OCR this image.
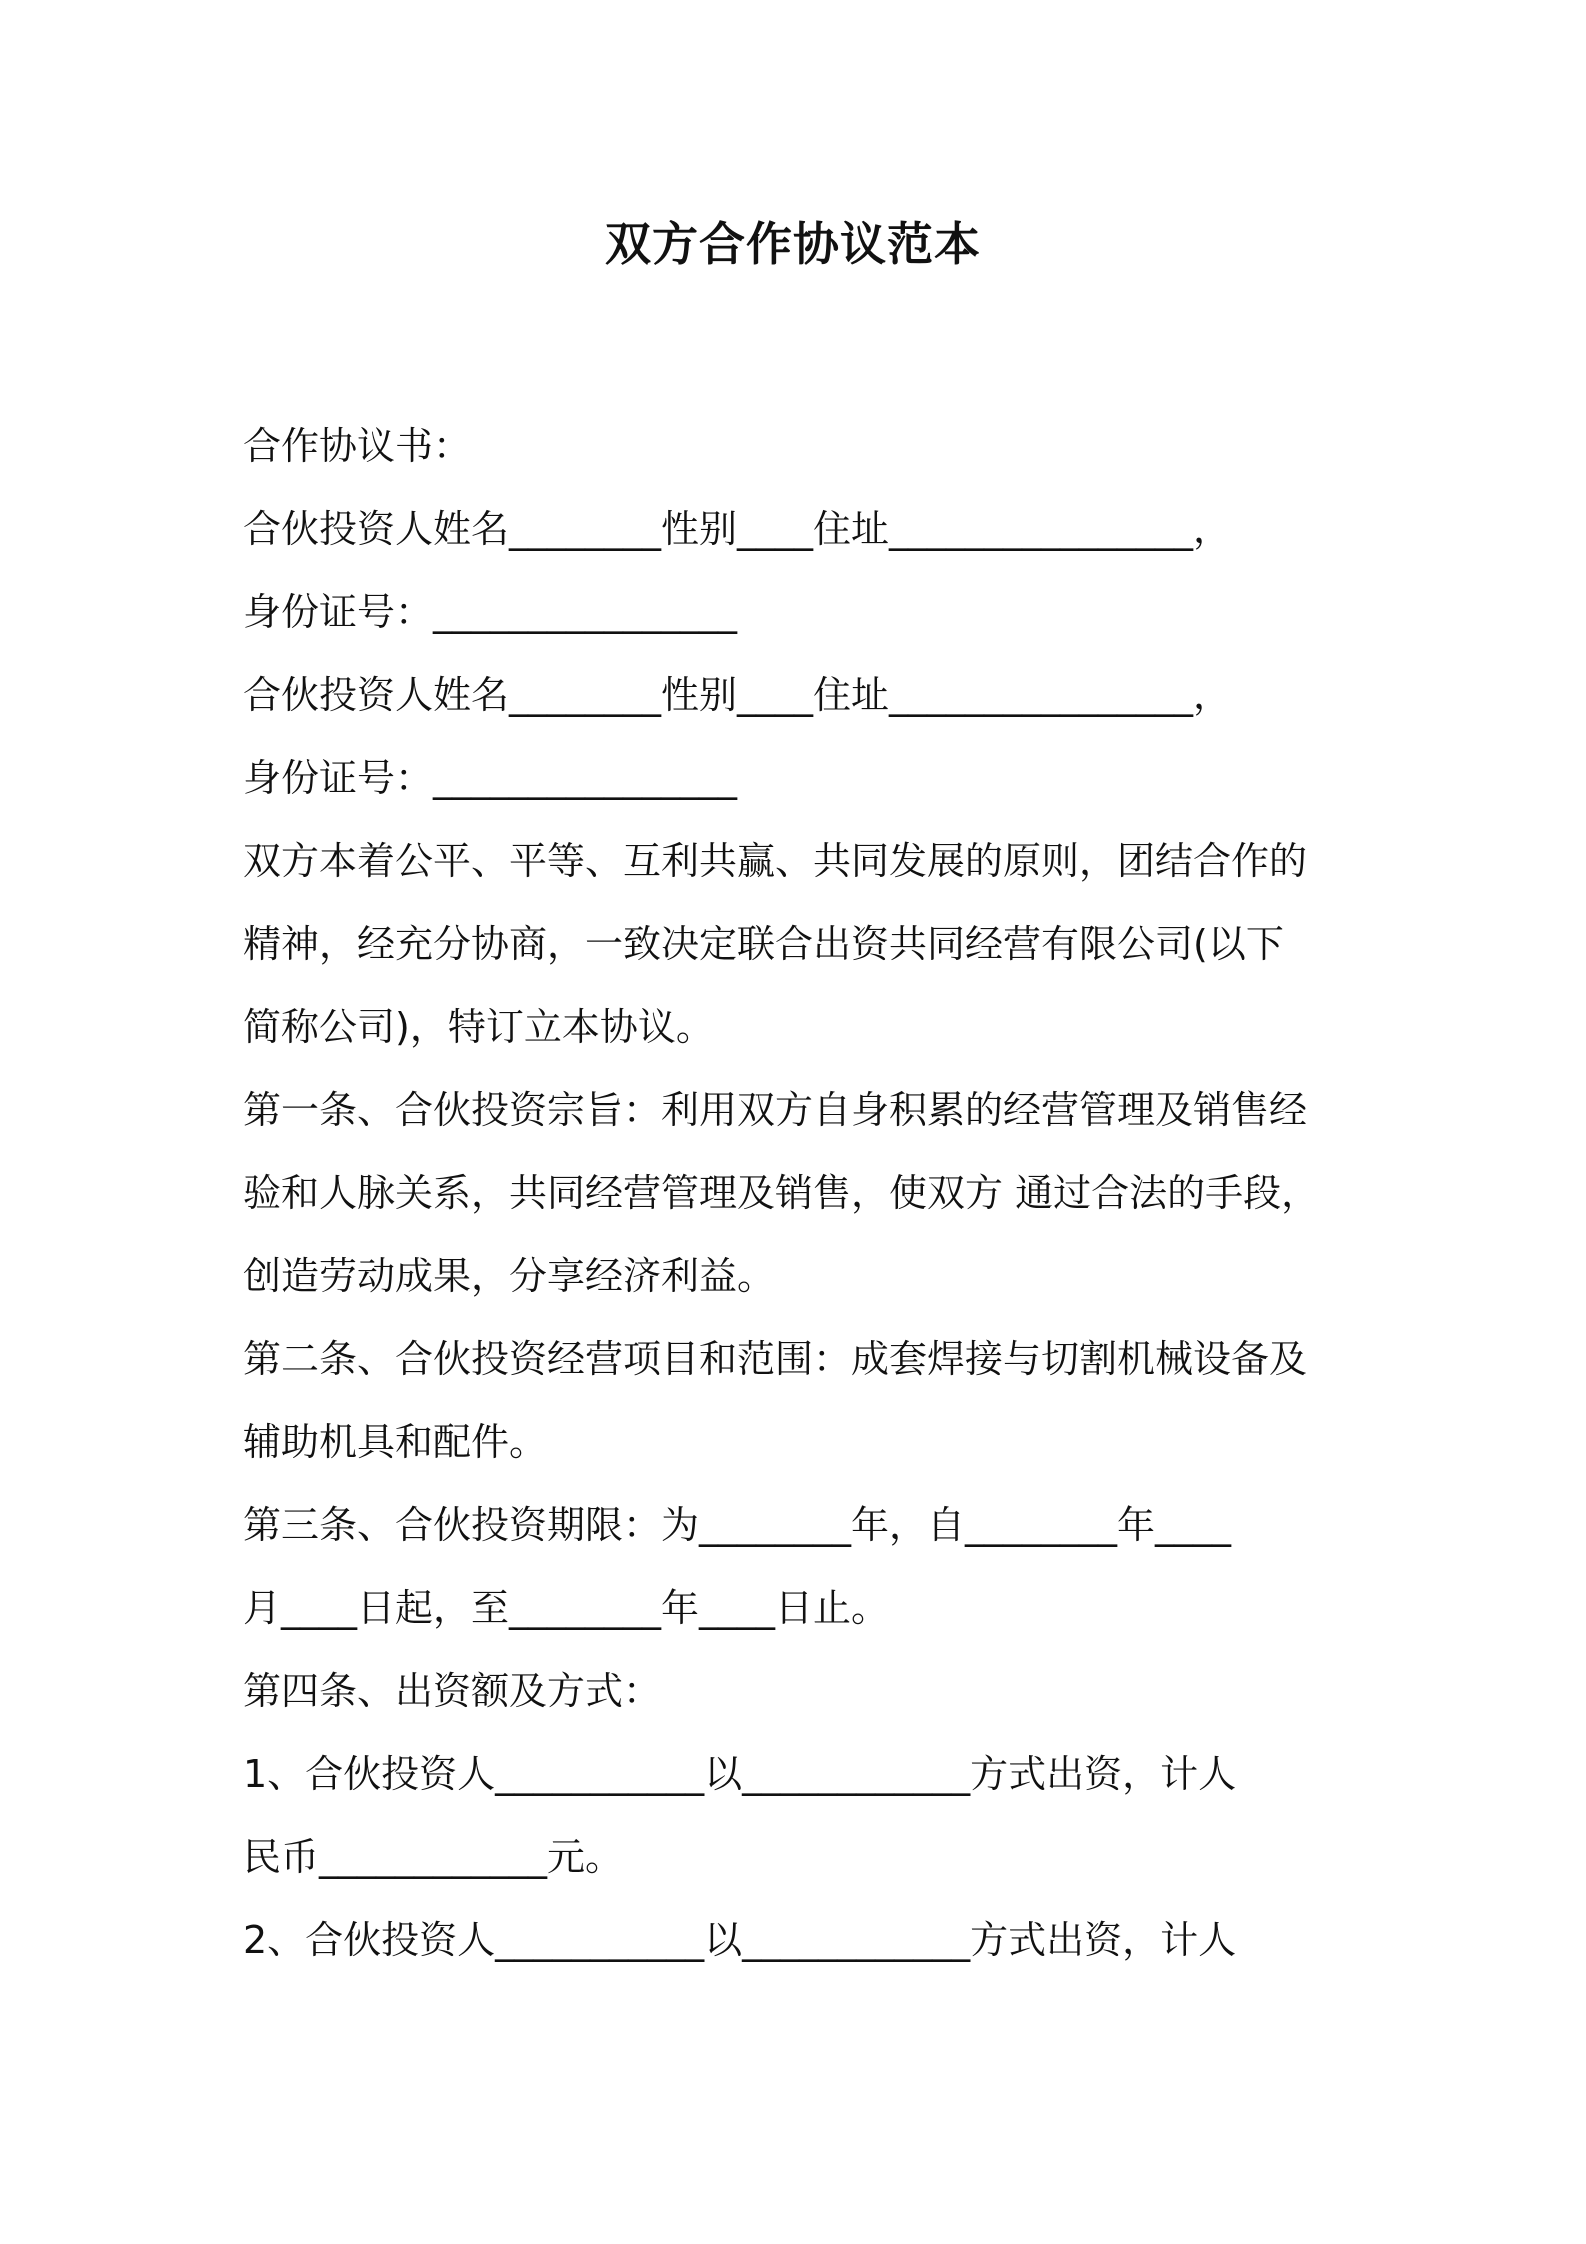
双方合作协议范本
合作协议书：
合伙投资人姓名________性别____住址________________，
身份证号：________________
合伙投资人姓名________性别____住址________________，
身份证号：________________
双方本着公平、平等、互利共赢、共同发展的原则，团结合作的
精神，经充分协商，一致决定联合出资共同经营有限公司(以下
简称公司)，特订立本协议。
第一条、合伙投资宗旨：利用双方自身积累的经营管理及销售经
验和人脉关系，共同经营管理及销售，使双方 通过合法的手段，
创造劳动成果，分享经济利益。
第二条、合伙投资经营项目和范围：成套焊接与切割机械设备及
辅助机具和配件。
第三条、合伙投资期限：为________年，自________年____
月____日起，至________年____日止。
第四条、出资额及方式：
1、合伙投资人___________以____________方式出资，计人
民币____________元。
2、合伙投资人___________以____________方式出资，计人
